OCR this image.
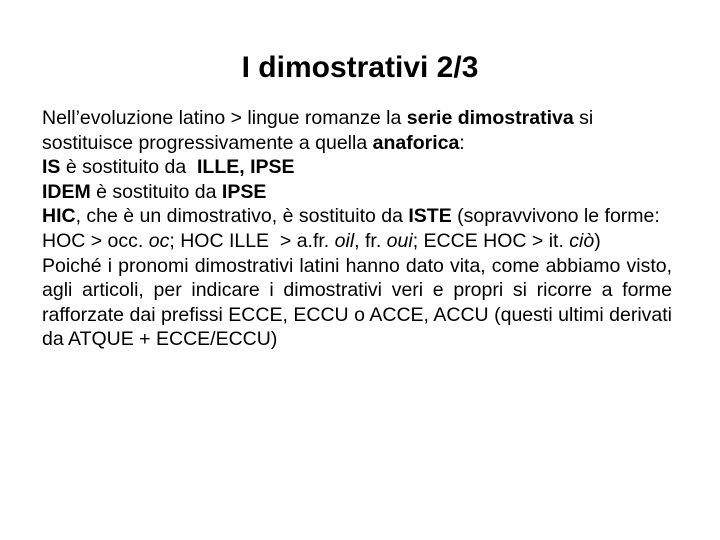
I dimostrativi 2/3

Nell’evoluzione latino > lingue romanze la serie dimostrativa si sostituisce progressivamente a quella anaforica:

IS è sostituito da  ILLE, IPSE

IDEM è sostituito da IPSE

HIC, che è un dimostrativo, è sostituito da ISTE (sopravvivono le forme: HOC > occ. oc; HOC ILLE  > a.fr. oil, fr. oui; ECCE HOC > it. ciò)

Poiché i pronomi dimostrativi latini hanno dato vita, come abbiamo visto, agli articoli, per indicare i dimostrativi veri e propri si ricorre a forme rafforzate dai prefissi ECCE, ECCU o ACCE, ACCU (questi ultimi derivati da ATQUE + ECCE/ECCU)
